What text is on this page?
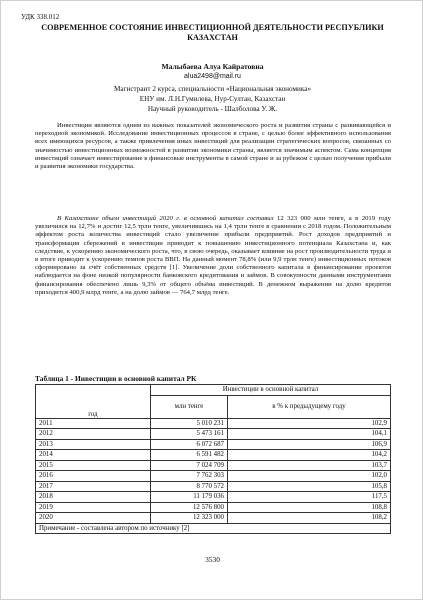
УДК 338.012
СОВРЕМЕННОЕ СОСТОЯНИЕ ИНВЕСТИЦИОННОЙ ДЕЯТЕЛЬНОСТИ РЕСПУБЛИКИ КАЗАХСТАН
Малыбаева Алуа Кайратовна
alua2498@mail.ru
Магистрант 2 курса, специальности «Национальная экономика»
ЕНУ им. Л.Н.Гумилева, Нур-Султан, Казахстан
Научный руководитель - Шалболова У. Ж.

Инвестиции являются одним из важных показателей экономического роста и развития страны с развивающейся и переходной экономикой. Исследование инвестиционных процессов в стране, с целью более эффективного использования всех имеющихся ресурсов, а также привлечения иных инвестиций для реализации стратегических вопросов, связанных со значимостью инвестиционных возможностей в развитии экономики страны, является значимым аспектом. Сама концепция инвестиций означает инвестирование в финансовые инструменты в самой стране и за рубежом с целью получения прибыли и развития экономики государства.

В Казахстане объем инвестиций 2020 г. в основной капитал составил 12 323 000 млн тенге, а в 2019 году увеличился на 12,7% и достиг 12,5 трлн тенге, увеличившись на 1,4 трлн тенге в сравнении с 2018 годом. Положительным эффектом роста количества инвестиций стало увеличение прибыли предприятий. Рост доходов предприятий и трансформация сбережений в инвестиции приводит к повышению инвестиционного потенциала Казахстана и, как следствие, к ускорению экономического роста, что, в свою очередь, оказывает влияние на рост производительности труда и в итоге приводит к ускорению темпов роста ВВП. На данный момент 78,8% (или 9,9 трлн тенге) инвестиционных потоков сформировано за счёт собственных средств [1]. Увеличение доли собственного капитала в финансировании проектов наблюдается на фоне низкой популярности банковского кредитования и займов. В совокупности данными инструментами финансирования обеспечено лишь 9,3% от общего объёма инвестиций. В денежном выражении на долю кредитов приходится 400,9 млрд тенге, а на долю займов — 764,7 млрд тенге.

Таблица 1 - Инвестиции в основной капитал РК
год	Инвестиции в основной капитал	
	млн тенге	в % к предыдущему году
2011	5 010 231	102,9
2012	5 473 161	104,1
2013	6 072 687	106,9
2014	6 591 482	104,2
2015	7 024 709	103,7
2016	7 762 303	102,0
2017	8 770 572	105,8
2018	11 179 036	117,5
2019	12 576 800	108,8
2020	12 323 000	108,2
Примечание - составлена автором по источнику [2]		
3530
